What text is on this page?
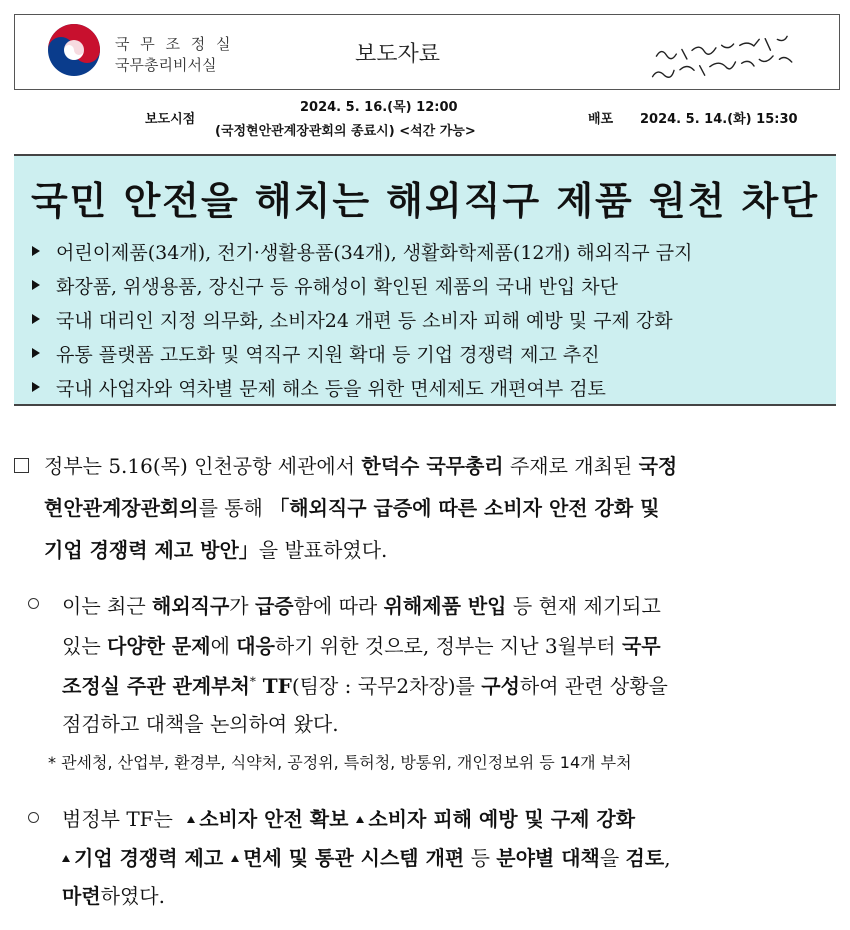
국 무 조 정 실
국무총리비서실	보도자료
보도시점
2024. 5. 16.(목) 12:00
(국정현안관계장관회의 종료시) <석간 가능>
배포 2024. 5. 14.(화) 15:30
국민 안전을 해치는 해외직구 제품 원천 차단
어린이제품(34개), 전기·생활용품(34개), 생활화학제품(12개) 해외직구 금지
화장품, 위생용품, 장신구 등 유해성이 확인된 제품의 국내 반입 차단
국내 대리인 지정 의무화, 소비자24 개편 등 소비자 피해 예방 및 구제 강화
유통 플랫폼 고도화 및 역직구 지원 확대 등 기업 경쟁력 제고 추진
국내 사업자와 역차별 문제 해소 등을 위한 면세제도 개편여부 검토
정부는 5.16(목) 인천공항 세관에서 한덕수 국무총리 주재로 개최된 국정
현안관계장관회의를 통해 「해외직구 급증에 따른 소비자 안전 강화 및
기업 경쟁력 제고 방안」을 발표하였다.
이는 최근 해외직구가 급증함에 따라 위해제품 반입 등 현재 제기되고
있는 다양한 문제에 대응하기 위한 것으로, 정부는 지난 3월부터 국무
조정실 주관 관계부처* TF(팀장 : 국무2차장)를 구성하여 관련 상황을
점검하고 대책을 논의하여 왔다.
* 관세청, 산업부, 환경부, 식약처, 공정위, 특허청, 방통위, 개인정보위 등 14개 부처
범정부 TF는 소비자 안전 확보 소비자 피해 예방 및 구제 강화
기업 경쟁력 제고 면세 및 통관 시스템 개편 등 분야별 대책을 검토,
마련하였다.
